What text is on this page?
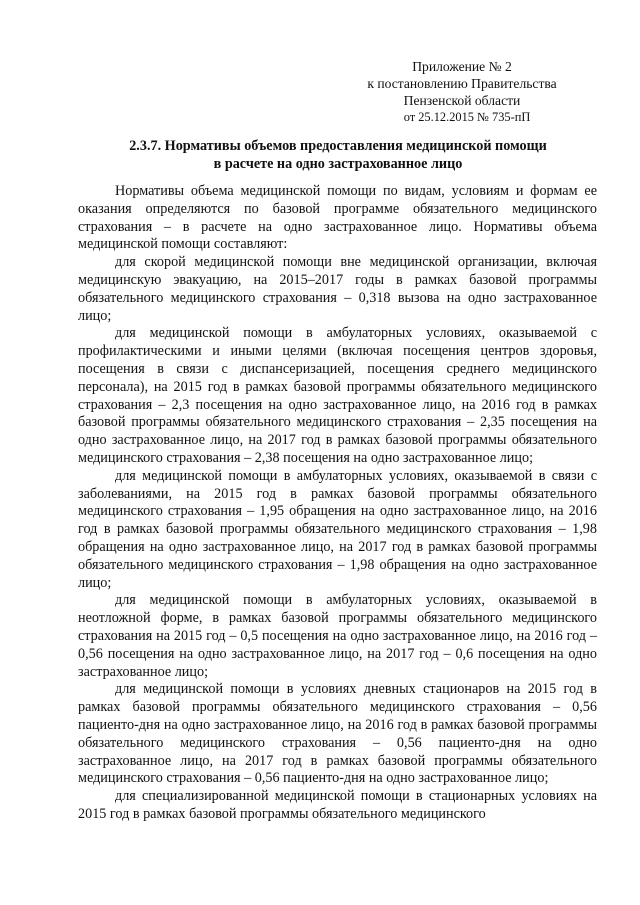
Приложение № 2
к постановлению Правительства
Пензенской области
от 25.12.2015 № 735-пП
2.3.7. Нормативы объемов предоставления медицинской помощи
в расчете на одно застрахованное лицо

Нормативы объема медицинской помощи по видам, условиям и формам ее оказания определяются по базовой программе обязательного медицинского страхования – в расчете на одно застрахованное лицо. Нормативы объема медицинской помощи составляют:

для скорой медицинской помощи вне медицинской организации, включая медицинскую эвакуацию, на 2015–2017 годы в рамках базовой программы обязательного медицинского страхования – 0,318 вызова на одно застрахованное лицо;

для медицинской помощи в амбулаторных условиях, оказываемой с профилактическими и иными целями (включая посещения центров здоровья, посещения в связи с диспансеризацией, посещения среднего медицинского персонала), на 2015 год в рамках базовой программы обязательного медицинского страхования – 2,3 посещения на одно застрахованное лицо, на 2016 год в рамках базовой программы обязательного медицинского страхования – 2,35 посещения на одно застрахованное лицо, на 2017 год в рамках базовой программы обязательного медицинского страхования – 2,38 посещения на одно застрахованное лицо;

для медицинской помощи в амбулаторных условиях, оказываемой в связи с заболеваниями, на 2015 год в рамках базовой программы обязательного медицинского страхования – 1,95 обращения на одно застрахованное лицо, на 2016 год в рамках базовой программы обязательного медицинского страхования – 1,98 обращения на одно застрахованное лицо, на 2017 год в рамках базовой программы обязательного медицинского страхования – 1,98 обращения на одно застрахованное лицо;

для медицинской помощи в амбулаторных условиях, оказываемой в неотложной форме, в рамках базовой программы обязательного медицинского страхования на 2015 год – 0,5 посещения на одно застрахованное лицо, на 2016 год – 0,56 посещения на одно застрахованное лицо, на 2017 год – 0,6 посещения на одно застрахованное лицо;

для медицинской помощи в условиях дневных стационаров на 2015 год в рамках базовой программы обязательного медицинского страхования – 0,56 пациенто-дня на одно застрахованное лицо, на 2016 год в рамках базовой программы обязательного медицинского страхования – 0,56 пациенто-дня на одно застрахованное лицо, на 2017 год в рамках базовой программы обязательного медицинского страхования – 0,56 пациенто-дня на одно застрахованное лицо;

для специализированной медицинской помощи в стационарных условиях на 2015 год в рамках базовой программы обязательного медицинского
